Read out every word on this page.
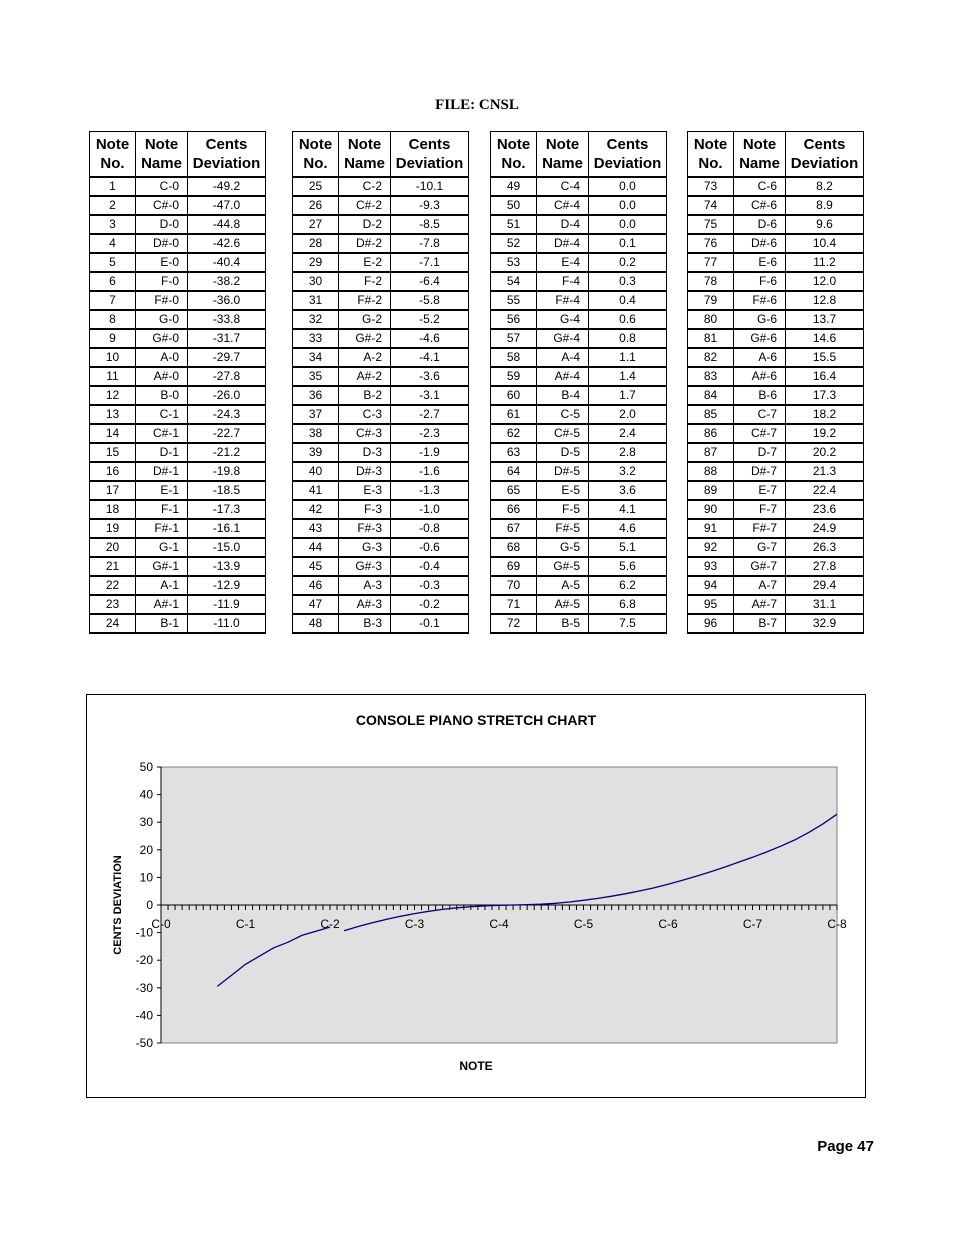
FILE: CNSL
Note
No.	Note
Name	Cents
Deviation
1	C-0	-49.2
2	C#-0	-47.0
3	D-0	-44.8
4	D#-0	-42.6
5	E-0	-40.4
6	F-0	-38.2
7	F#-0	-36.0
8	G-0	-33.8
9	G#-0	-31.7
10	A-0	-29.7
11	A#-0	-27.8
12	B-0	-26.0
13	C-1	-24.3
14	C#-1	-22.7
15	D-1	-21.2
16	D#-1	-19.8
17	E-1	-18.5
18	F-1	-17.3
19	F#-1	-16.1
20	G-1	-15.0
21	G#-1	-13.9
22	A-1	-12.9
23	A#-1	-11.9
24	B-1	-11.0
Note
No.	Note
Name	Cents
Deviation
25	C-2	-10.1
26	C#-2	-9.3
27	D-2	-8.5
28	D#-2	-7.8
29	E-2	-7.1
30	F-2	-6.4
31	F#-2	-5.8
32	G-2	-5.2
33	G#-2	-4.6
34	A-2	-4.1
35	A#-2	-3.6
36	B-2	-3.1
37	C-3	-2.7
38	C#-3	-2.3
39	D-3	-1.9
40	D#-3	-1.6
41	E-3	-1.3
42	F-3	-1.0
43	F#-3	-0.8
44	G-3	-0.6
45	G#-3	-0.4
46	A-3	-0.3
47	A#-3	-0.2
48	B-3	-0.1
Note
No.	Note
Name	Cents
Deviation
49	C-4	0.0
50	C#-4	0.0
51	D-4	0.0
52	D#-4	0.1
53	E-4	0.2
54	F-4	0.3
55	F#-4	0.4
56	G-4	0.6
57	G#-4	0.8
58	A-4	1.1
59	A#-4	1.4
60	B-4	1.7
61	C-5	2.0
62	C#-5	2.4
63	D-5	2.8
64	D#-5	3.2
65	E-5	3.6
66	F-5	4.1
67	F#-5	4.6
68	G-5	5.1
69	G#-5	5.6
70	A-5	6.2
71	A#-5	6.8
72	B-5	7.5
Note
No.	Note
Name	Cents
Deviation
73	C-6	8.2
74	C#-6	8.9
75	D-6	9.6
76	D#-6	10.4
77	E-6	11.2
78	F-6	12.0
79	F#-6	12.8
80	G-6	13.7
81	G#-6	14.6
82	A-6	15.5
83	A#-6	16.4
84	B-6	17.3
85	C-7	18.2
86	C#-7	19.2
87	D-7	20.2
88	D#-7	21.3
89	E-7	22.4
90	F-7	23.6
91	F#-7	24.9
92	G-7	26.3
93	G#-7	27.8
94	A-7	29.4
95	A#-7	31.1
96	B-7	32.9
CONSOLE PIANO STRETCH CHART
50
40
30
20
10
0
-10
-20
-30
-40
-50
C-0	C-1	C-2	C-3	C-4	C-5	C-6	C-7	C-8
NOTE
CENTS DEVIATION
Page 47
